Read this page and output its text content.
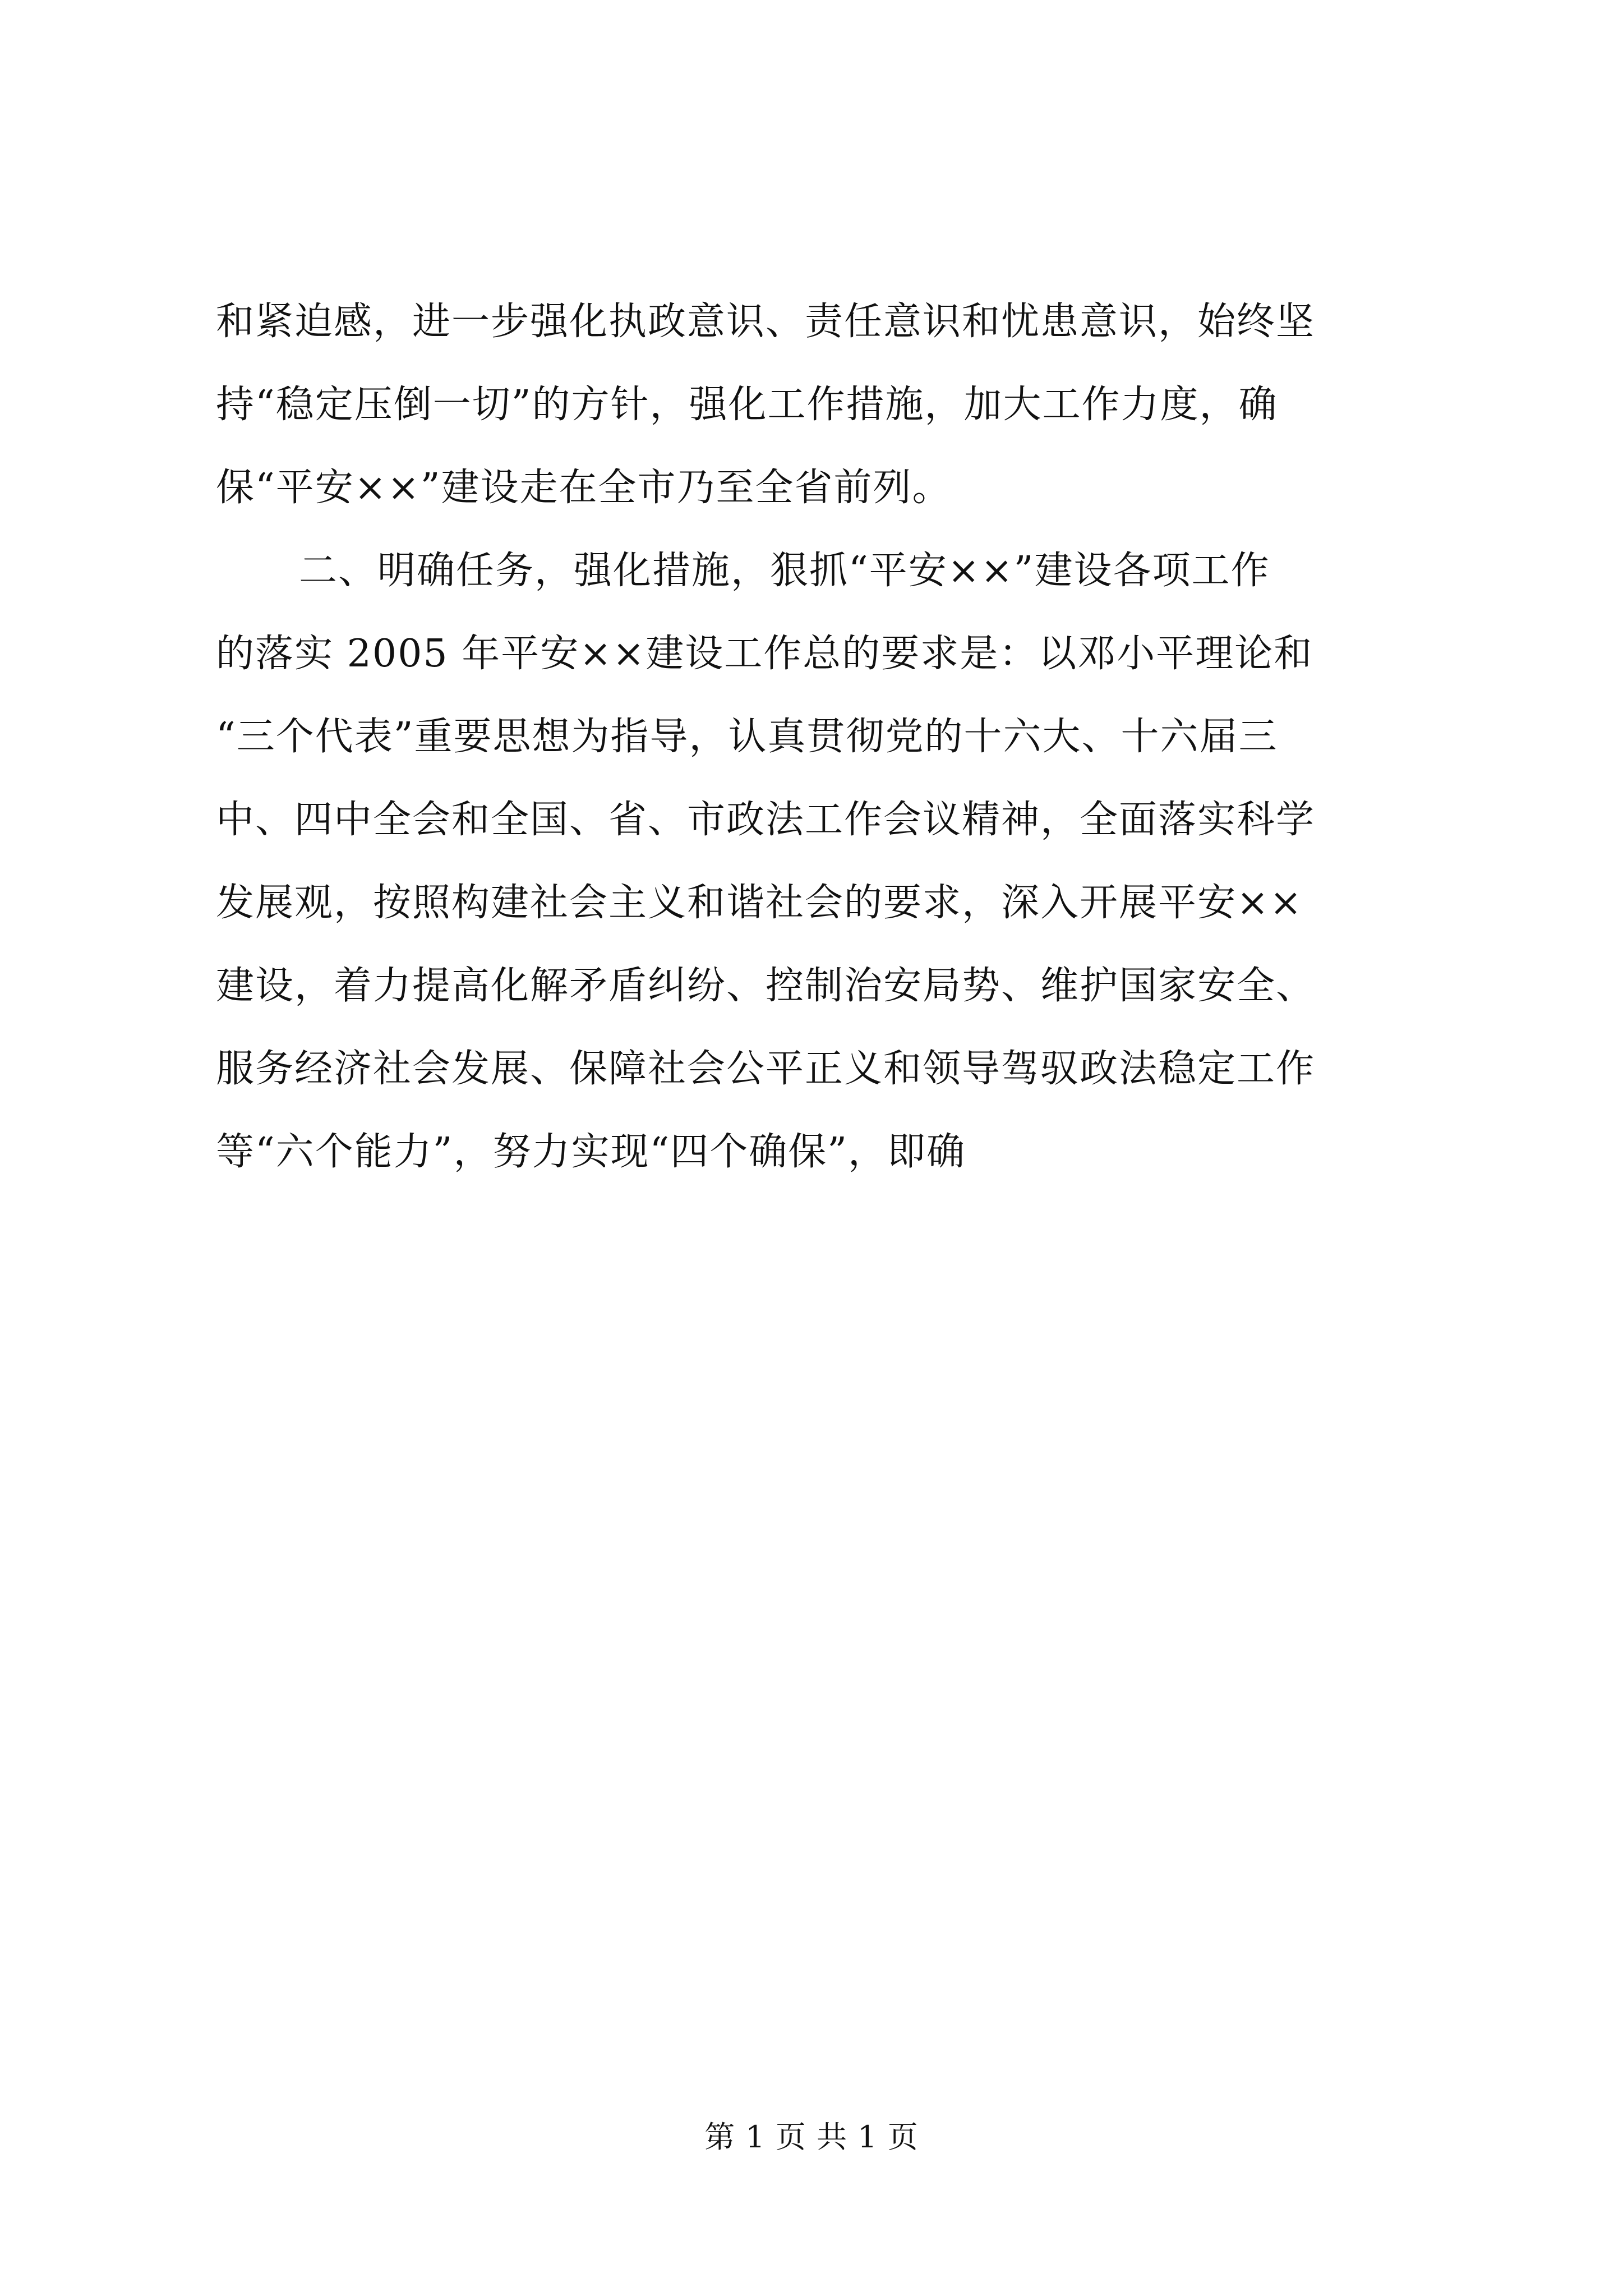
和紧迫感，进一步强化执政意识、责任意识和忧患意识，始终坚
持“稳定压倒一切”的方针，强化工作措施，加大工作力度，确
保“平安××”建设走在全市乃至全省前列。
二、明确任务，强化措施，狠抓“平安××”建设各项工作
的落实 2005 年平安××建设工作总的要求是：以邓小平理论和
“三个代表”重要思想为指导，认真贯彻党的十六大、十六届三
中、四中全会和全国、省、市政法工作会议精神，全面落实科学
发展观，按照构建社会主义和谐社会的要求，深入开展平安××
建设，着力提高化解矛盾纠纷、控制治安局势、维护国家安全、
服务经济社会发展、保障社会公平正义和领导驾驭政法稳定工作
等“六个能力”，努力实现“四个确保”，即确
第 1 页 共 1 页
